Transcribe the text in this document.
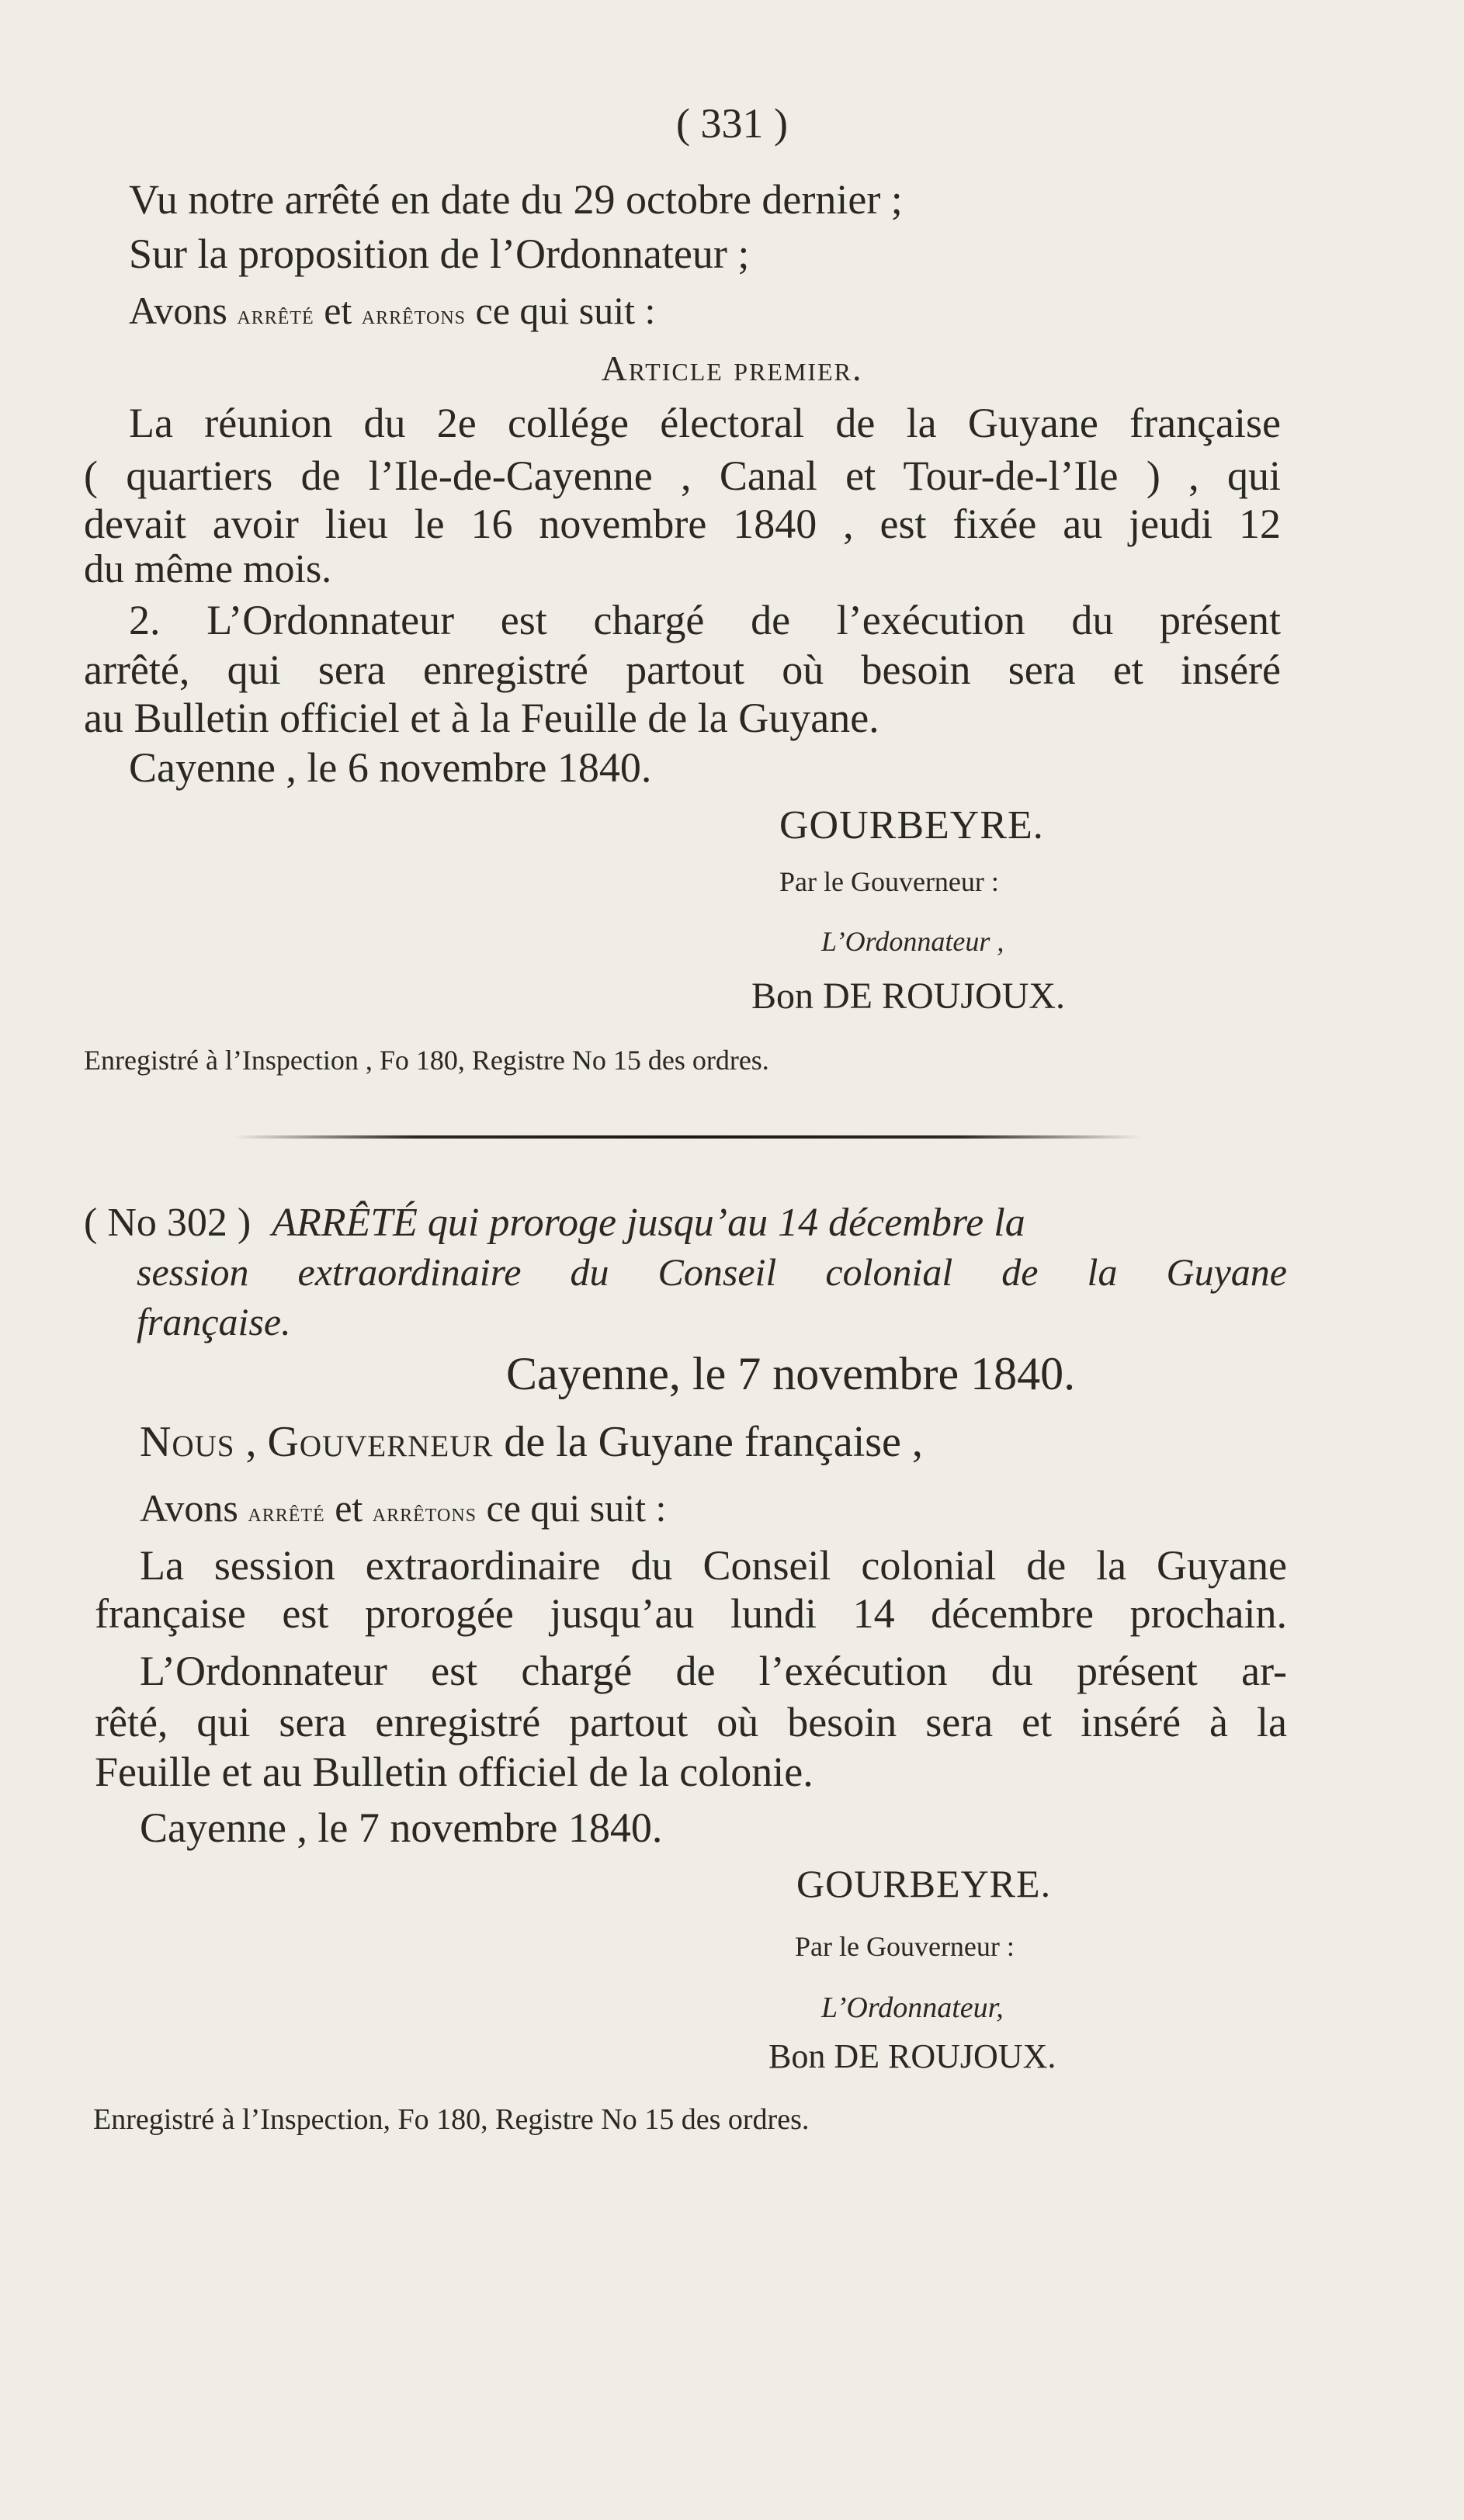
( 331 )
Vu notre arrêté en date du 29 octobre dernier ;
Sur la proposition de l’Ordonnateur ;
Avons arrêté et arrêtons ce qui suit :
Article premier.
La réunion du 2e collége électoral de la Guyane française
( quartiers de l’Ile-de-Cayenne , Canal et Tour-de-l’Ile ) , qui
devait avoir lieu le 16 novembre 1840 , est fixée au jeudi 12
du même mois.
2. L’Ordonnateur est chargé de l’exécution du présent
arrêté, qui sera enregistré partout où besoin sera et inséré
au Bulletin officiel et à la Feuille de la Guyane.
Cayenne , le 6 novembre 1840.
GOURBEYRE.
Par le Gouverneur :
L’Ordonnateur ,
Bon DE ROUJOUX.
Enregistré à l’Inspection , Fo 180, Registre No 15 des ordres.
( No 302 ) ARRÊTÉ qui proroge jusqu’au 14 décembre la
session extraordinaire du Conseil colonial de la Guyane
française.
Cayenne, le 7 novembre 1840.
Nous , Gouverneur de la Guyane française ,
Avons arrêté et arrêtons ce qui suit :
La session extraordinaire du Conseil colonial de la Guyane
française est prorogée jusqu’au lundi 14 décembre prochain.
L’Ordonnateur est chargé de l’exécution du présent ar-
rêté, qui sera enregistré partout où besoin sera et inséré à la
Feuille et au Bulletin officiel de la colonie.
Cayenne , le 7 novembre 1840.
GOURBEYRE.
Par le Gouverneur :
L’Ordonnateur,
Bon DE ROUJOUX.
Enregistré à l’Inspection, Fo 180, Registre No 15 des ordres.
